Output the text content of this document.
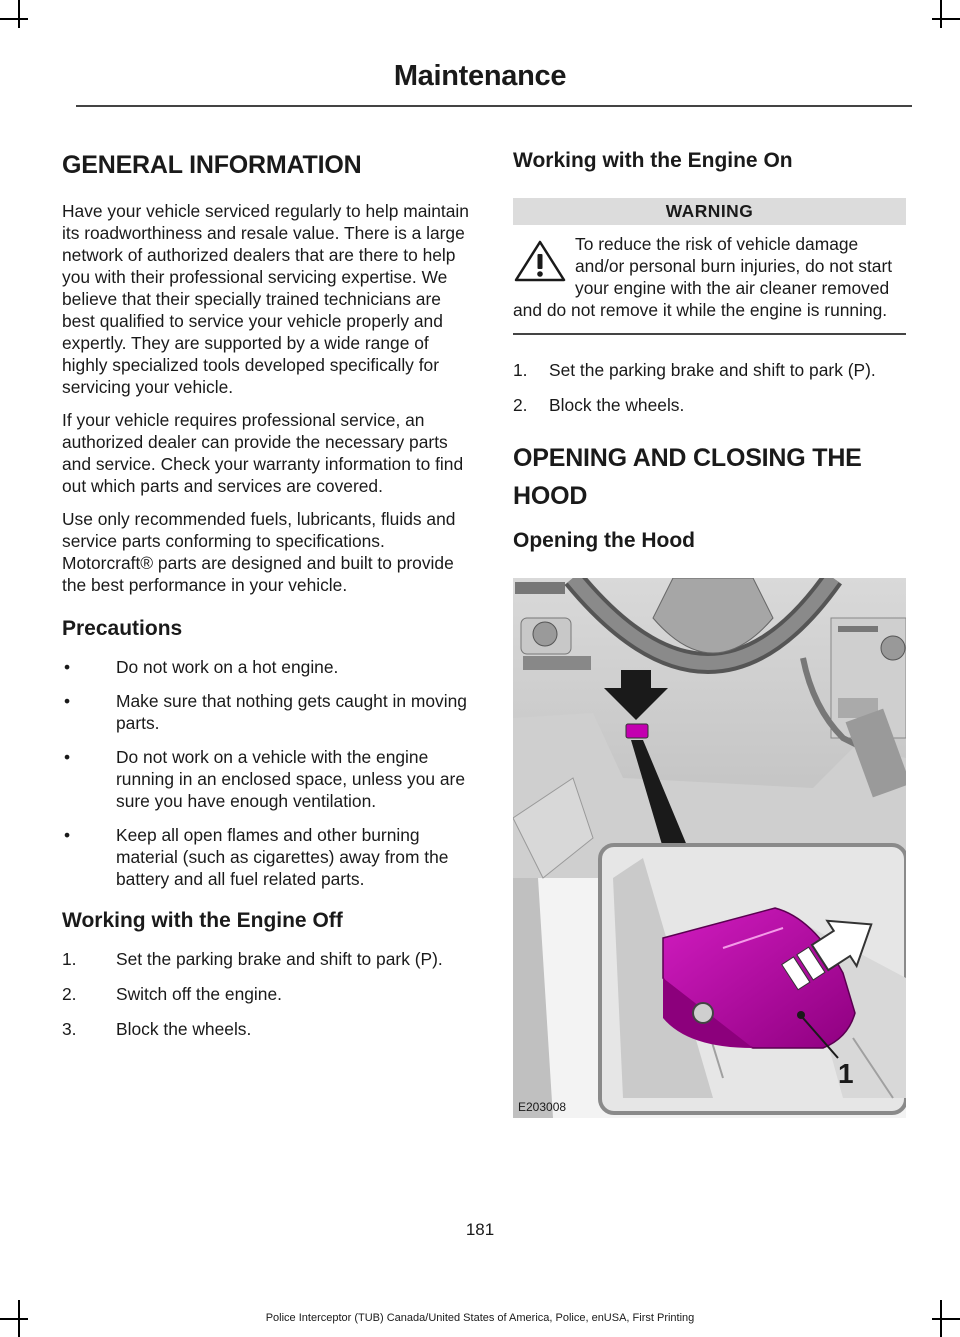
Maintenance
GENERAL INFORMATION

Have your vehicle serviced regularly to help maintain its roadworthiness and resale value. There is a large network of authorized dealers that are there to help you with their professional servicing expertise. We believe that their specially trained technicians are best qualified to service your vehicle properly and expertly. They are supported by a wide range of highly specialized tools developed specifically for servicing your vehicle.

If your vehicle requires professional service, an authorized dealer can provide the necessary parts and service. Check your warranty information to find out which parts and services are covered.

Use only recommended fuels, lubricants, fluids and service parts conforming to specifications. Motorcraft® parts are designed and built to provide the best performance in your vehicle.

Precautions
•	Do not work on a hot engine.
•	Make sure that nothing gets caught in moving parts.
•	Do not work on a vehicle with the engine running in an enclosed space, unless you are sure you have enough ventilation.
•	Keep all open flames and other burning material (such as cigarettes) away from the battery and all fuel related parts.
Working with the Engine Off
1. Set the parking brake and shift to park (P).
2. Switch off the engine.
3. Block the wheels.
Working with the Engine On
WARNING
To reduce the risk of vehicle damage and/or personal burn injuries, do not start your engine with the air cleaner removed and do not remove it while the engine is running.
1. Set the parking brake and shift to park (P).
2. Block the wheels.
OPENING AND CLOSING THE
HOOD
Opening the Hood
1
E203008
181
Police Interceptor (TUB) Canada/United States of America, Police, enUSA, First Printing
